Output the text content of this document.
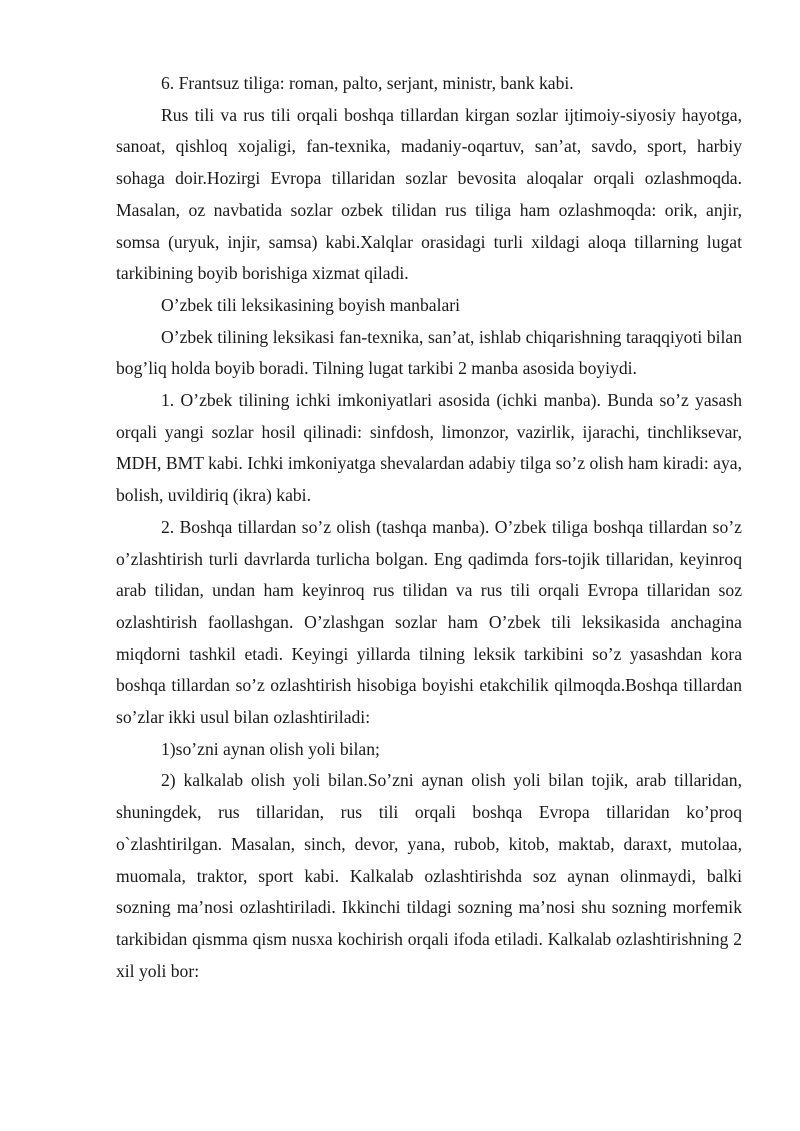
6. Frantsuz tiliga: roman, palto, serjant, ministr, bank kabi.

Rus tili va rus tili orqali boshqa tillardan kirgan sozlar ijtimoiy-siyosiy hayotga, sanoat, qishloq xojaligi, fan-texnika, madaniy-oqartuv, san’at, savdo, sport, harbiy sohaga doir.Hozirgi Evropa tillaridan sozlar bevosita aloqalar orqali ozlashmoqda. Masalan, oz navbatida sozlar ozbek tilidan rus tiliga ham ozlashmoqda: orik, anjir, somsa (uryuk, injir, samsa) kabi.Xalqlar orasidagi turli xildagi aloqa tillarning lugat tarkibining boyib borishiga xizmat qiladi.

O’zbek tili leksikasining boyish manbalari

O’zbek tilining leksikasi fan-texnika, san’at, ishlab chiqarishning taraqqiyoti bilan bog’liq holda boyib boradi. Tilning lugat tarkibi 2 manba asosida boyiydi.

1. O’zbek tilining ichki imkoniyatlari asosida (ichki manba). Bunda so’z yasash orqali yangi sozlar hosil qilinadi: sinfdosh, limonzor, vazirlik, ijarachi, tinchliksevar, MDH, BMT kabi. Ichki imkoniyatga shevalardan adabiy tilga so’z olish ham kiradi: aya, bolish, uvildiriq (ikra) kabi.

2. Boshqa tillardan so’z olish (tashqa manba). O’zbek tiliga boshqa tillardan so’z o’zlashtirish turli davrlarda turlicha bolgan. Eng qadimda fors-tojik tillaridan, keyinroq arab tilidan, undan ham keyinroq rus tilidan va rus tili orqali Evropa tillaridan soz ozlashtirish faollashgan. O’zlashgan sozlar ham O’zbek tili leksikasida anchagina miqdorni tashkil etadi. Keyingi yillarda tilning leksik tarkibini so’z yasashdan kora boshqa tillardan so’z ozlashtirish hisobiga boyishi etakchilik qilmoqda.Boshqa tillardan so’zlar ikki usul bilan ozlashtiriladi:

1)so’zni aynan olish yoli bilan;

2) kalkalab olish yoli bilan.So’zni aynan olish yoli bilan tojik, arab tillaridan, shuningdek, rus tillaridan, rus tili orqali boshqa Evropa tillaridan ko’proq o`zlashtirilgan. Masalan, sinch, devor, yana, rubob, kitob, maktab, daraxt, mutolaa, muomala, traktor, sport kabi. Kalkalab ozlashtirishda soz aynan olinmaydi, balki sozning ma’nosi ozlashtiriladi. Ikkinchi tildagi sozning ma’nosi shu sozning morfemik tarkibidan qismma qism nusxa kochirish orqali ifoda etiladi. Kalkalab ozlashtirishning 2 xil yoli bor:
